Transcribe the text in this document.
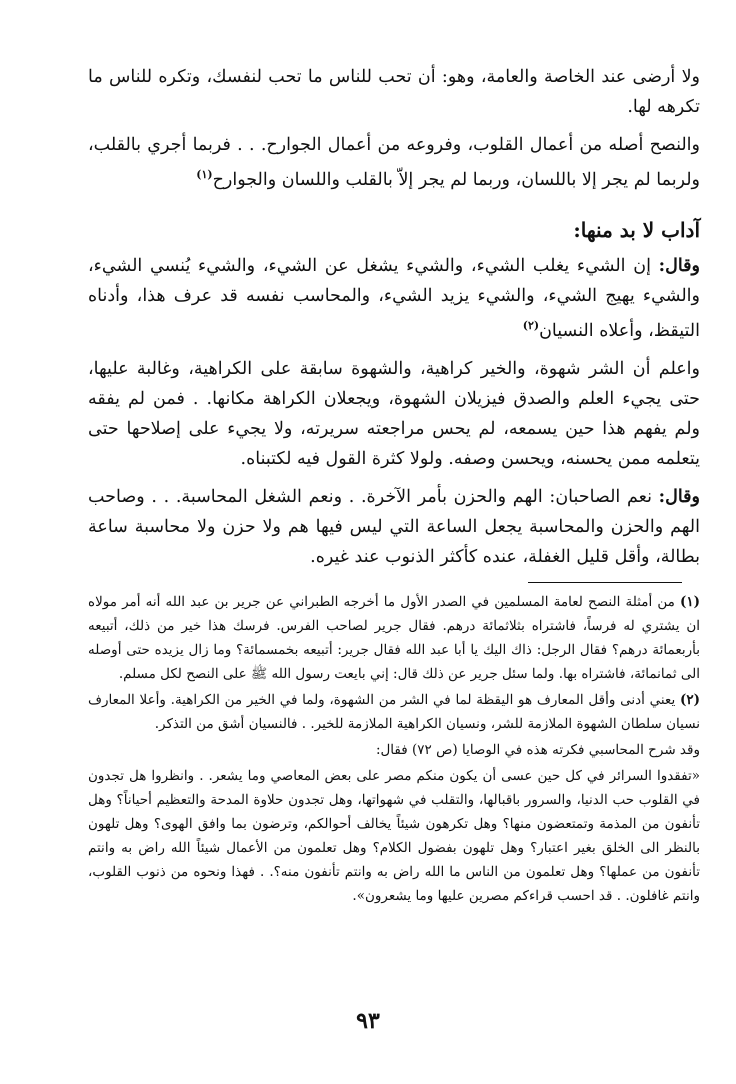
ولا أرضى عند الخاصة والعامة، وهو: أن تحب للناس ما تحب لنفسك، وتكره للناس ما تكرهه لها.

والنصح أصله من أعمال القلوب، وفروعه من أعمال الجوارح. . . فربما أجري بالقلب، ولربما لم يجر إلا باللسان، وربما لم يجر إلاّ بالقلب واللسان والجوارح$^{(١)}$

آداب لا بد منها:

وقال: إن الشيء يغلب الشيء، والشيء يشغل عن الشيء، والشيء يُنسي الشيء، والشيء يهيج الشيء، والشيء يزيد الشيء، والمحاسب نفسه قد عرف هذا، وأدناه التيقظ، وأعلاه النسيان$^{(٢)}$

واعلم أن الشر شهوة، والخير كراهية، والشهوة سابقة على الكراهية، وغالبة عليها، حتى يجيء العلم والصدق فيزيلان الشهوة، ويجعلان الكراهة مكانها. . فمن لم يفقه ولم يفهم هذا حين يسمعه، لم يحس مراجعته سريرته، ولا يجيء على إصلاحها حتى يتعلمه ممن يحسنه، ويحسن وصفه. ولولا كثرة القول فيه لكتبناه.

وقال: نعم الصاحبان: الهم والحزن بأمر الآخرة. . ونعم الشغل المحاسبة. . . وصاحب الهم والحزن والمحاسبة يجعل الساعة التي ليس فيها هم ولا حزن ولا محاسبة ساعة بطالة، وأقل قليل الغفلة، عنده كأكثر الذنوب عند غيره.

(١) من أمثلة النصح لعامة المسلمين في الصدر الأول ما أخرجه الطبراني عن جرير بن عبد الله أنه أمر مولاه ان يشتري له فرساً، فاشتراه بثلاثمائة درهم. فقال جرير لصاحب الفرس. فرسك هذا خير من ذلك، أتبيعه بأربعمائة درهم؟ فقال الرجل: ذاك اليك يا أبا عبد الله فقال جرير: أتبيعه بخمسمائة؟ وما زال يزيده حتى أوصله الى ثمانمائة، فاشتراه بها. ولما سئل جرير عن ذلك قال: إني بايعت رسول الله ﷺ على النصح لكل مسلم.

(٢) يعني أدنى وأقل المعارف هو اليقظة لما في الشر من الشهوة، ولما في الخير من الكراهية. وأعلا المعارف نسيان سلطان الشهوة الملازمة للشر، ونسيان الكراهية الملازمة للخير. . فالنسيان أشق من التذكر.

وقد شرح المحاسبي فكرته هذه في الوصايا (ص ٧٢) فقال:

«تفقدوا السرائر في كل حين عسى أن يكون منكم مصر على بعض المعاصي وما يشعر. . وانظروا هل تجدون في القلوب حب الدنيا، والسرور باقبالها، والتقلب في شهواتها، وهل تجدون حلاوة المدحة والتعظيم أحياناً؟ وهل تأنفون من المذمة وتمتعضون منها؟ وهل تكرهون شيئاً يخالف أحوالكم، وترضون بما وافق الهوى؟ وهل تلهون بالنظر الى الخلق بغير اعتبار؟ وهل تلهون بفضول الكلام؟ وهل تعلمون من الأعمال شيئاً الله راض به وانتم تأنفون من عملها؟ وهل تعلمون من الناس ما الله راض به وانتم تأنفون منه؟. . فهذا ونحوه من ذنوب القلوب، وانتم غافلون. . قد احسب قراءكم مصرين عليها وما يشعرون».

٩٣
